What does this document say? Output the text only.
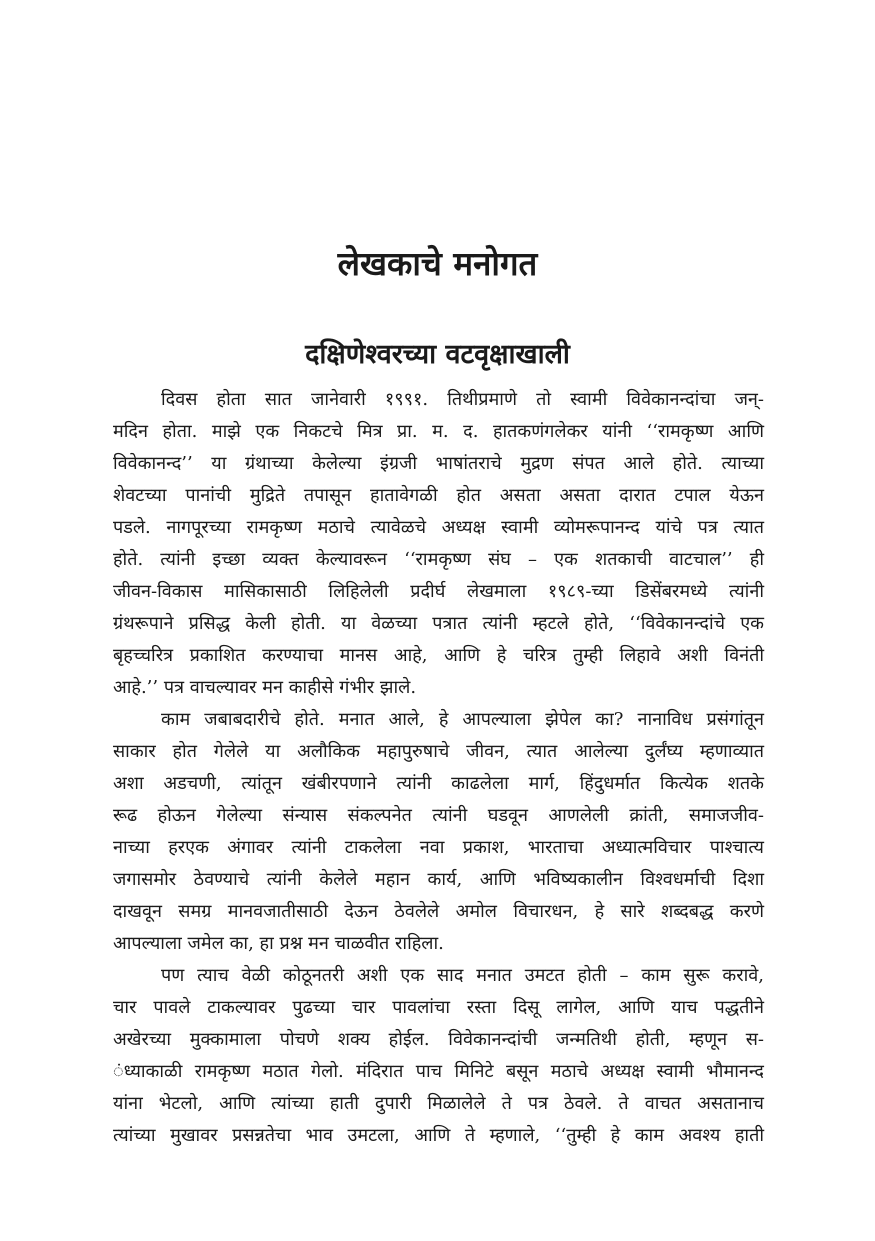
लेखकाचे मनोगत
दक्षिणेश्वरच्या वटवृक्षाखाली
दिवस होता सात जानेवारी १९९१. तिथीप्रमाणे तो स्वामी विवेकानन्दांचा जन्-
मदिन होता. माझे एक निकटचे मित्र प्रा. म. द. हातकणंगलेकर यांनी ‘‘रामकृष्ण आणि
विवेकानन्द’’ या ग्रंथाच्या केलेल्या इंग्रजी भाषांतराचे मुद्रण संपत आले होते. त्याच्या
शेवटच्या पानांची मुद्रिते तपासून हातावेगळी होत असता असता दारात टपाल येऊन
पडले. नागपूरच्या रामकृष्ण मठाचे त्यावेळचे अध्यक्ष स्वामी व्योमरूपानन्द यांचे पत्र त्यात
होते. त्यांनी इच्छा व्यक्त केल्यावरून ‘‘रामकृष्ण संघ – एक शतकाची वाटचाल’’ ही
जीवन-विकास मासिकासाठी लिहिलेली प्रदीर्घ लेखमाला १९८९-च्या डिसेंबरमध्ये त्यांनी
ग्रंथरूपाने प्रसिद्ध केली होती. या वेळच्या पत्रात त्यांनी म्हटले होते, ‘‘विवेकानन्दांचे एक
बृहच्चरित्र प्रकाशित करण्याचा मानस आहे, आणि हे चरित्र तुम्ही लिहावे अशी विनंती
आहे.’’ पत्र वाचल्यावर मन काहीसे गंभीर झाले.
काम जबाबदारीचे होते. मनात आले, हे आपल्याला झेपेल का? नानाविध प्रसंगांतून
साकार होत गेलेले या अलौकिक महापुरुषाचे जीवन, त्यात आलेल्या दुर्लंघ्य म्हणाव्यात
अशा अडचणी, त्यांतून खंबीरपणाने त्यांनी काढलेला मार्ग, हिंदुधर्मात कित्येक शतके
रूढ होऊन गेलेल्या संन्यास संकल्पनेत त्यांनी घडवून आणलेली क्रांती, समाजजीव-
नाच्या हरएक अंगावर त्यांनी टाकलेला नवा प्रकाश, भारताचा अध्यात्मविचार पाश्चात्य
जगासमोर ठेवण्याचे त्यांनी केलेले महान कार्य, आणि भविष्यकालीन विश्वधर्माची दिशा
दाखवून समग्र मानवजातीसाठी देऊन ठेवलेले अमोल विचारधन, हे सारे शब्दबद्ध करणे
आपल्याला जमेल का, हा प्रश्न मन चाळवीत राहिला.
पण त्याच वेळी कोठूनतरी अशी एक साद मनात उमटत होती – काम सुरू करावे,
चार पावले टाकल्यावर पुढच्या चार पावलांचा रस्ता दिसू लागेल, आणि याच पद्धतीने
अखेरच्या मुक्कामाला पोचणे शक्य होईल. विवेकानन्दांची जन्मतिथी होती, म्हणून स-
ंध्याकाळी रामकृष्ण मठात गेलो. मंदिरात पाच मिनिटे बसून मठाचे अध्यक्ष स्वामी भौमानन्द
यांना भेटलो, आणि त्यांच्या हाती दुपारी मिळालेले ते पत्र ठेवले. ते वाचत असतानाच
त्यांच्या मुखावर प्रसन्नतेचा भाव उमटला, आणि ते म्हणाले, ‘‘तुम्ही हे काम अवश्य हाती
